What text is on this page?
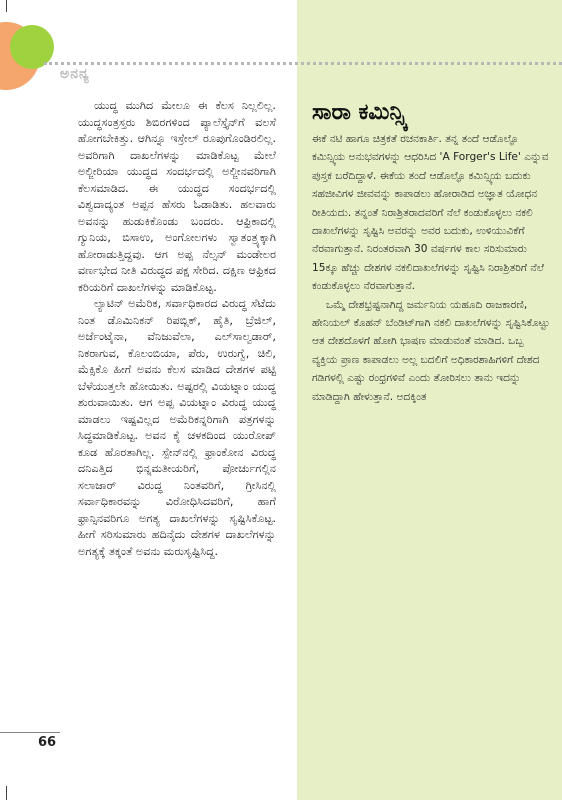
ಅನನ್ಯ

ಯುದ್ಧ ಮುಗಿದ ಮೇಲೂ ಈ ಕೆಲಸ ನಿಲ್ಲಲಿಲ್ಲ. ಯುದ್ಧಸಂತ್ರಸ್ತರು ಶಿಬಿರಗಳಿಂದ ಪ್ಯಾಲೆಸ್ತೈನ್‌ಗೆ ವಲಸೆ ಹೋಗಬೇಕಿತ್ತು. ಆಗಿನ್ನೂ ಇಸ್ರೇಲ್ ರೂಪುಗೊಂಡಿರಲಿಲ್ಲ. ಅವರಿಗಾಗಿ ದಾಖಲೆಗಳನ್ನು ಮಾಡಿಕೊಟ್ಟ ಮೇಲೆ ಅಲ್ಜೀರಿಯಾ ಯುದ್ಧದ ಸಂದರ್ಭದಲ್ಲಿ ಅಲ್ಜೀನವರಿಗಾಗಿ ಕೆಲಸಮಾಡಿದ. ಈ ಯುದ್ಧದ ಸಂದರ್ಭದಲ್ಲಿ ವಿಶ್ವದಾದ್ಯಂತ ಅಪ್ಪನ ಹೆಸರು ಓಡಾಡಿತು. ಹಲವಾರು ಅವನನ್ನು ಹುಡುಕಿಕೊಂಡು ಬಂದರು. ಆಫ್ರಿಕಾದಲ್ಲಿ ಗ್ಯುನಿಯ, ಬಿಸಾಉ, ಅಂಗೋಲಗಳು ಸ್ವಾತಂತ್ರ್ಯಕ್ಕಾಗಿ ಹೋರಾಡುತ್ತಿದ್ದವು. ಆಗ ಅಪ್ಪ ನೆಲ್ಸನ್ ಮಂಡೇಲರ ವರ್ಣಭೇದ ನೀತಿ ವಿರುದ್ಧದ ಪಕ್ಷ ಸೇರಿದ. ದಕ್ಷಿಣ ಆಫ್ರಿಕದ ಕರಿಯರಿಗೆ ದಾಖಲೆಗಳನ್ನು ಮಾಡಿಕೊಟ್ಟ.

ಲ್ಯಾಟಿನ್ ಅಮೆರಿಕ, ಸರ್ವಾಧಿಕಾರದ ವಿರುದ್ಧ ಸೆಟೆದು ನಿಂತ ಡೊಮಿನಿಕನ್ ರಿಪಬ್ಲಿಕ್, ಹೈತಿ, ಬ್ರೆಜಿಲ್, ಅರ್ಜೆಂಟೈನಾ, ವೆನಿಜುವೆಲಾ, ಎಲ್‌ಸಾಲ್ವಡಾರ್, ನಿಕರಾಗುವ, ಕೊಲಂಬಿಯಾ, ಪೆರು, ಉರುಗ್ವೆ, ಚಿಲಿ, ಮೆಕ್ಸಿಕೊ ಹೀಗೆ ಅವನು ಕೆಲಸ ಮಾಡಿದ ದೇಶಗಳ ಪಟ್ಟಿ ಬೆಳೆಯುತ್ತಲೇ ಹೋಯಿತು. ಅಷ್ಟರಲ್ಲಿ ವಿಯಟ್ನಾಂ ಯುದ್ಧ ಶುರುವಾಯಿತು. ಆಗ ಅಪ್ಪ ವಿಯಟ್ನಾಂ ವಿರುದ್ಧ ಯುದ್ಧ ಮಾಡಲು ಇಷ್ಟವಿಲ್ಲದ ಅಮೆರಿಕನ್ನರಿಗಾಗಿ ಪತ್ರಗಳನ್ನು ಸಿದ್ಧಮಾಡಿಕೊಟ್ಟ. ಅವನ ಕೈ ಚಳಕದಿಂದ ಯುರೋಪ್ ಕೂಡ ಹೊರತಾಗಿಲ್ಲ. ಸ್ಪೇನ್‌ನಲ್ಲಿ ಫ್ರಾಂಕೋನ ವಿರುದ್ಧ ದನಿಎತ್ತಿದ ಭಿನ್ನಮತೀಯರಿಗೆ, ಪೋರ್ಚುಗಲ್ಲಿನ ಸಲಾಜಾರ್ ವಿರುದ್ಧ ನಿಂತವರಿಗೆ, ಗ್ರೀಸಿನಲ್ಲಿ ಸರ್ವಾಧಿಕಾರವನ್ನು ವಿರೋಧಿಸಿದವರಿಗೆ, ಹಾಗೆ ಫ್ರಾನ್ಸಿನವರಿಗೂ ಅಗತ್ಯ ದಾಖಲೆಗಳನ್ನು ಸೃಷ್ಟಿಸಿಕೊಟ್ಟ. ಹೀಗೆ ಸರಿಸುಮಾರು ಹದಿನೈದು ದೇಶಗಳ ದಾಖಲೆಗಳನ್ನು ಅಗತ್ಯಕ್ಕೆ ತಕ್ಕಂತೆ ಅವನು ಮರುಸೃಷ್ಟಿಸಿದ್ದ.

ಸಾರಾ ಕಮಿನ್ಸ್ಕಿ

ಈಕೆ ನಟಿ ಹಾಗೂ ಚಿತ್ರಕತೆ ರಚನಕಾರ್ತಿ. ತನ್ನ ತಂದೆ ಆಡೊಲ್ಫೊ ಕಮಿನ್ಸ್ಕಿಯ ಅನುಭವಗಳನ್ನು ಆಧರಿಸಿದ 'A Forger's Life' ಎನ್ನುವ ಪುಸ್ತಕ ಬರೆದಿದ್ದಾಳೆ. ಈಕೆಯ ತಂದೆ ಆಡೊಲ್ಫೊ ಕಮಿನ್ಸ್ಕಿಯ ಬದುಕು ಸಹಜೀವಿಗಳ ಜೀವವನ್ನು ಕಾಪಾಡಲು ಹೋರಾಡಿದ ಅಜ್ಞಾತ ಯೋಧನ ರೀತಿಯದು. ತನ್ನಂತೆ ನಿರಾಶ್ರಿತರಾದವರಿಗೆ ನೆಲೆ ಕಂಡುಕೊಳ್ಳಲು ನಕಲಿ ದಾಖಲೆಗಳನ್ನು ಸೃಷ್ಟಿಸಿ ಅವರನ್ನು ಅವರ ಬದುಕು, ಉಳಿಯುವಿಕೆಗೆ ನೆರವಾಗುತ್ತಾನೆ. ನಿರಂತರವಾಗಿ 30 ವರ್ಷಗಳ ಕಾಲ ಸರಿಸುಮಾರು 15ಕ್ಕೂ ಹೆಚ್ಚು ದೇಶಗಳ ನಕಲಿದಾಖಲೆಗಳನ್ನು ಸೃಷ್ಟಿಸಿ ನಿರಾಶ್ರಿತರಿಗೆ ನೆಲೆ ಕಂಡುಕೊಳ್ಳಲು ನೆರವಾಗುತ್ತಾನೆ.

ಒಮ್ಮೆ ದೇಶಭ್ರಷ್ಟನಾಗಿದ್ದ ಜರ್ಮನಿಯ ಯಹೂದಿ ರಾಜಕಾರಣಿ, ಹೇನಿಯಲ್ ಕೊಹನ್ ಬೆಂಡಿಟ್‌ಗಾಗಿ ನಕಲಿ ದಾಖಲೆಗಳನ್ನು ಸೃಷ್ಟಿಸಿಕೊಟ್ಟು ಆತ ದೇಶದೊಳಗೆ ಹೋಗಿ ಭಾಷಣ ಮಾಡುವಂತೆ ಮಾಡಿದ. ಒಬ್ಬ ವ್ಯಕ್ತಿಯ ಪ್ರಾಣ ಕಾಪಾಡಲು ಅಲ್ಲ ಬದಲಿಗೆ ಅಧಿಕಾರಶಾಹಿಗಳಿಗೆ ದೇಶದ ಗಡಿಗಳಲ್ಲಿ ಎಷ್ಟು ರಂಧ್ರಗಳಿವೆ ಎಂದು ತೋರಿಸಲು ತಾನು ಇದನ್ನು ಮಾಡಿದ್ದಾಗಿ ಹೇಳುತ್ತಾನೆ. ಅದಕ್ಕಿಂತ

66
